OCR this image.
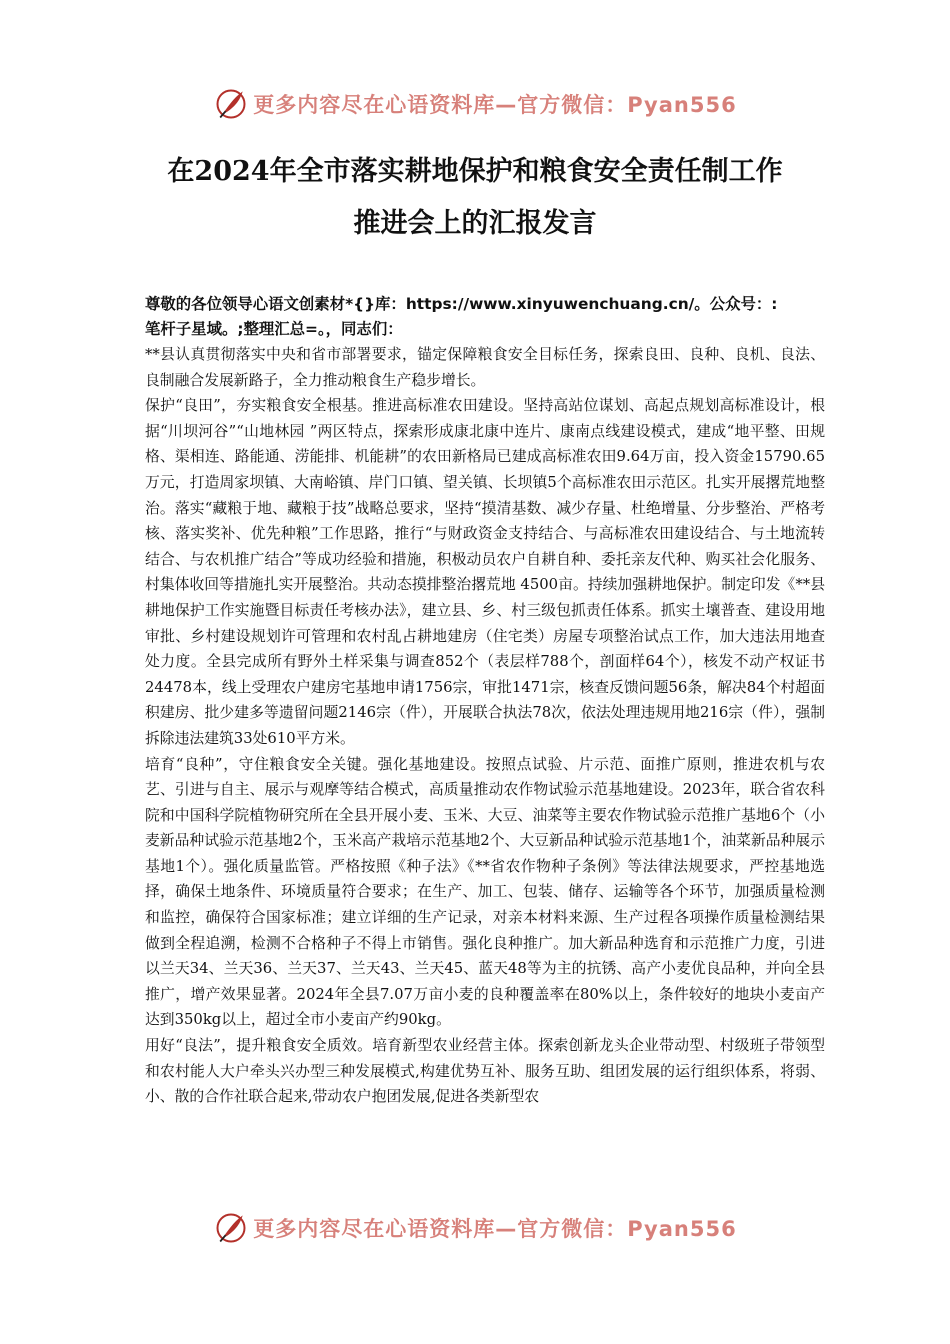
更多内容尽在心语资料库—官方微信：Pyan556
在2024年全市落实耕地保护和粮食安全责任制工作
推进会上的汇报发言

尊敬的各位领导心语文创素材*{}库：https://www.xinyuwenchuang.cn/。公众号：:

笔杆子星域。;整理汇总=。，同志们：

**县认真贯彻落实中央和省市部署要求，锚定保障粮食安全目标任务，探索良田、良种、良机、良法、良制融合发展新路子，全力推动粮食生产稳步增长。

保护“良田”，夯实粮食安全根基。推进高标准农田建设。坚持高站位谋划、高起点规划高标准设计，根据“川坝河谷”“山地林园 ”两区特点，探索形成康北康中连片、康南点线建设模式，建成“地平整、田规格、渠相连、路能通、涝能排、机能耕”的农田新格局已建成高标准农田9.64万亩，投入资金15790.65万元，打造周家坝镇、大南峪镇、岸门口镇、望关镇、长坝镇5个高标准农田示范区。扎实开展撂荒地整治。落实“藏粮于地、藏粮于技”战略总要求，坚持“摸清基数、减少存量、杜绝增量、分步整治、严格考核、落实奖补、优先种粮”工作思路，推行“与财政资金支持结合、与高标准农田建设结合、与土地流转结合、与农机推广结合”等成功经验和措施，积极动员农户自耕自种、委托亲友代种、购买社会化服务、村集体收回等措施扎实开展整治。共动态摸排整治撂荒地 4500亩。持续加强耕地保护。制定印发《**县耕地保护工作实施暨目标责任考核办法》，建立县、乡、村三级包抓责任体系。抓实土壤普查、建设用地审批、乡村建设规划许可管理和农村乱占耕地建房（住宅类）房屋专项整治试点工作，加大违法用地查处力度。全县完成所有野外土样采集与调查852个（表层样788个，剖面样64个），核发不动产权证书24478本，线上受理农户建房宅基地申请1756宗，审批1471宗，核查反馈问题56条，解决84个村超面积建房、批少建多等遗留问题2146宗（件），开展联合执法78次，依法处理违规用地216宗（件），强制拆除违法建筑33处610平方米。

培育“良种”，守住粮食安全关键。强化基地建设。按照点试验、片示范、面推广原则，推进农机与农艺、引进与自主、展示与观摩等结合模式，高质量推动农作物试验示范基地建设。2023年，联合省农科院和中国科学院植物研究所在全县开展小麦、玉米、大豆、油菜等主要农作物试验示范推广基地6个（小麦新品种试验示范基地2个，玉米高产栽培示范基地2个、大豆新品种试验示范基地1个，油菜新品种展示基地1个）。强化质量监管。严格按照《种子法》《**省农作物种子条例》等法律法规要求，严控基地选择，确保土地条件、环境质量符合要求；在生产、加工、包装、储存、运输等各个环节，加强质量检测和监控，确保符合国家标准；建立详细的生产记录，对亲本材料来源、生产过程各项操作质量检测结果做到全程追溯，检测不合格种子不得上市销售。强化良种推广。加大新品种选育和示范推广力度，引进以兰天34、兰天36、兰天37、兰天43、兰天45、蓝天48等为主的抗锈、高产小麦优良品种，并向全县推广，增产效果显著。2024年全县7.07万亩小麦的良种覆盖率在80%以上，条件较好的地块小麦亩产达到350kg以上，超过全市小麦亩产约90kg。

用好“良法”，提升粮食安全质效。培育新型农业经营主体。探索创新龙头企业带动型、村级班子带领型和农村能人大户牵头兴办型三种发展模式,构建优势互补、服务互助、组团发展的运行组织体系，将弱、小、散的合作社联合起来,带动农户抱团发展,促进各类新型农

更多内容尽在心语资料库—官方微信：Pyan556
